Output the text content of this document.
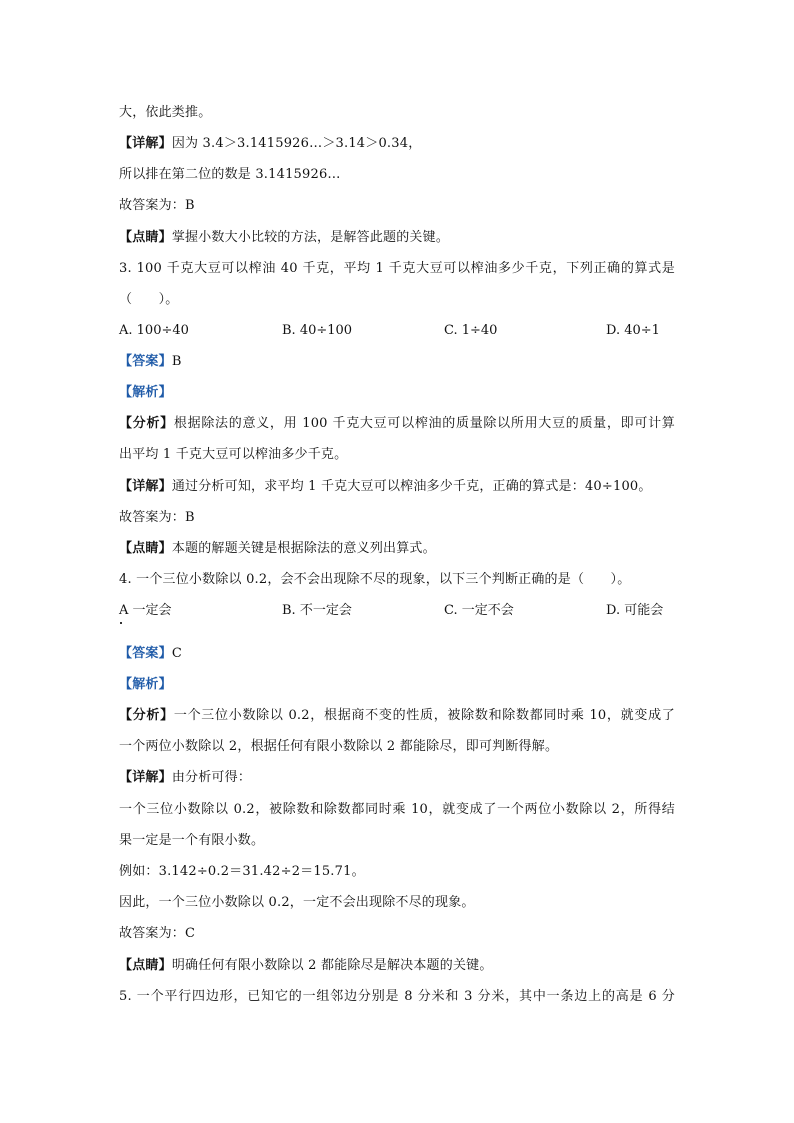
大，依此类推。
【详解】因为 3.4＞3.1415926…＞3.14＞0.34，
所以排在第二位的数是 3.1415926…
故答案为：B
【点睛】掌握小数大小比较的方法，是解答此题的关键。
3. 100 千克大豆可以榨油 40 千克，平均 1 千克大豆可以榨油多少千克，下列正确的算式是
（　　）。
A. 100÷40	B. 40÷100	C. 1÷40	D. 40÷1
【答案】B
【解析】
【分析】根据除法的意义，用 100 千克大豆可以榨油的质量除以所用大豆的质量，即可计算
出平均 1 千克大豆可以榨油多少千克。
【详解】通过分析可知，求平均 1 千克大豆可以榨油多少千克，正确的算式是：40÷100。
故答案为：B
【点睛】本题的解题关键是根据除法的意义列出算式。
4. 一个三位小数除以 0.2，会不会出现除不尽的现象，以下三个判断正确的是（　　）。
A 一定会	B. 不一定会	C. 一定不会	D. 可能会
【答案】C
【解析】
【分析】一个三位小数除以 0.2，根据商不变的性质，被除数和除数都同时乘 10，就变成了
一个两位小数除以 2，根据任何有限小数除以 2 都能除尽，即可判断得解。
【详解】由分析可得：
一个三位小数除以 0.2，被除数和除数都同时乘 10，就变成了一个两位小数除以 2，所得结
果一定是一个有限小数。
例如：3.142÷0.2＝31.42÷2＝15.71。
因此，一个三位小数除以 0.2，一定不会出现除不尽的现象。
故答案为：C
【点睛】明确任何有限小数除以 2 都能除尽是解决本题的关键。
5. 一个平行四边形，已知它的一组邻边分别是 8 分米和 3 分米，其中一条边上的高是 6 分
